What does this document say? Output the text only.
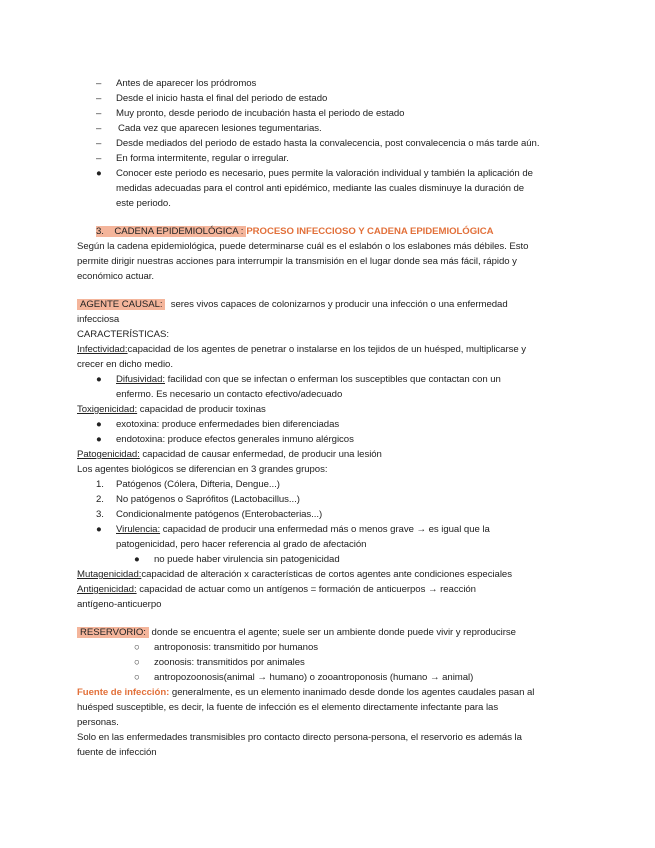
– Antes de aparecer los pródromos
– Desde el inicio hasta el final del periodo de estado
– Muy pronto, desde periodo de incubación hasta el periodo de estado
– Cada vez que aparecen lesiones tegumentarias.
– Desde mediados del periodo de estado hasta la convalecencia, post convalecencia o más tarde aún.
– En forma intermitente, regular o irregular.
● Conocer este periodo es necesario, pues permite la valoración individual y también la aplicación de
medidas adecuadas para el control anti epidémico, mediante las cuales disminuye la duración de
este periodo.
3. CADENA EPIDEMIOLÓGICA : PROCESO INFECCIOSO Y CADENA EPIDEMIOLÓGICA
Según la cadena epidemiológica, puede determinarse cuál es el eslabón o los eslabones más débiles. Esto
permite dirigir nuestras acciones para interrumpir la transmisión en el lugar donde sea más fácil, rápido y
económico actuar.
AGENTE CAUSAL: seres vivos capaces de colonizarnos y producir una infección o una enfermedad
infecciosa
CARACTERÍSTICAS:
Infectividad:capacidad de los agentes de penetrar o instalarse en los tejidos de un huésped, multiplicarse y
crecer en dicho medio.
● Difusividad: facilidad con que se infectan o enferman los susceptibles que contactan con un
enfermo. Es necesario un contacto efectivo/adecuado
Toxigenicidad: capacidad de producir toxinas
● exotoxina: produce enfermedades bien diferenciadas
● endotoxina: produce efectos generales inmuno alérgicos
Patogenicidad: capacidad de causar enfermedad, de producir una lesión
Los agentes biológicos se diferencian en 3 grandes grupos:
1. Patógenos (Cólera, Difteria, Dengue...)
2. No patógenos o Saprófitos (Lactobacillus...)
3. Condicionalmente patógenos (Enterobacterias...)
● Virulencia: capacidad de producir una enfermedad más o menos grave → es igual que la
patogenicidad, pero hacer referencia al grado de afectación
● no puede haber virulencia sin patogenicidad
Mutagenicidad:capacidad de alteración x características de cortos agentes ante condiciones especiales
Antigenicidad: capacidad de actuar como un antígenos = formación de anticuerpos → reacción
antígeno-anticuerpo
RESERVORIO: donde se encuentra el agente; suele ser un ambiente donde puede vivir y reproducirse
○ antroponosis: transmitido por humanos
○ zoonosis: transmitidos por animales
○ antropozoonosis(animal → humano) o zooantroponosis (humano → animal)
Fuente de infección: generalmente, es un elemento inanimado desde donde los agentes caudales pasan al
huésped susceptible, es decir, la fuente de infección es el elemento directamente infectante para las
personas.
Solo en las enfermedades transmisibles pro contacto directo persona-persona, el reservorio es además la
fuente de infección
